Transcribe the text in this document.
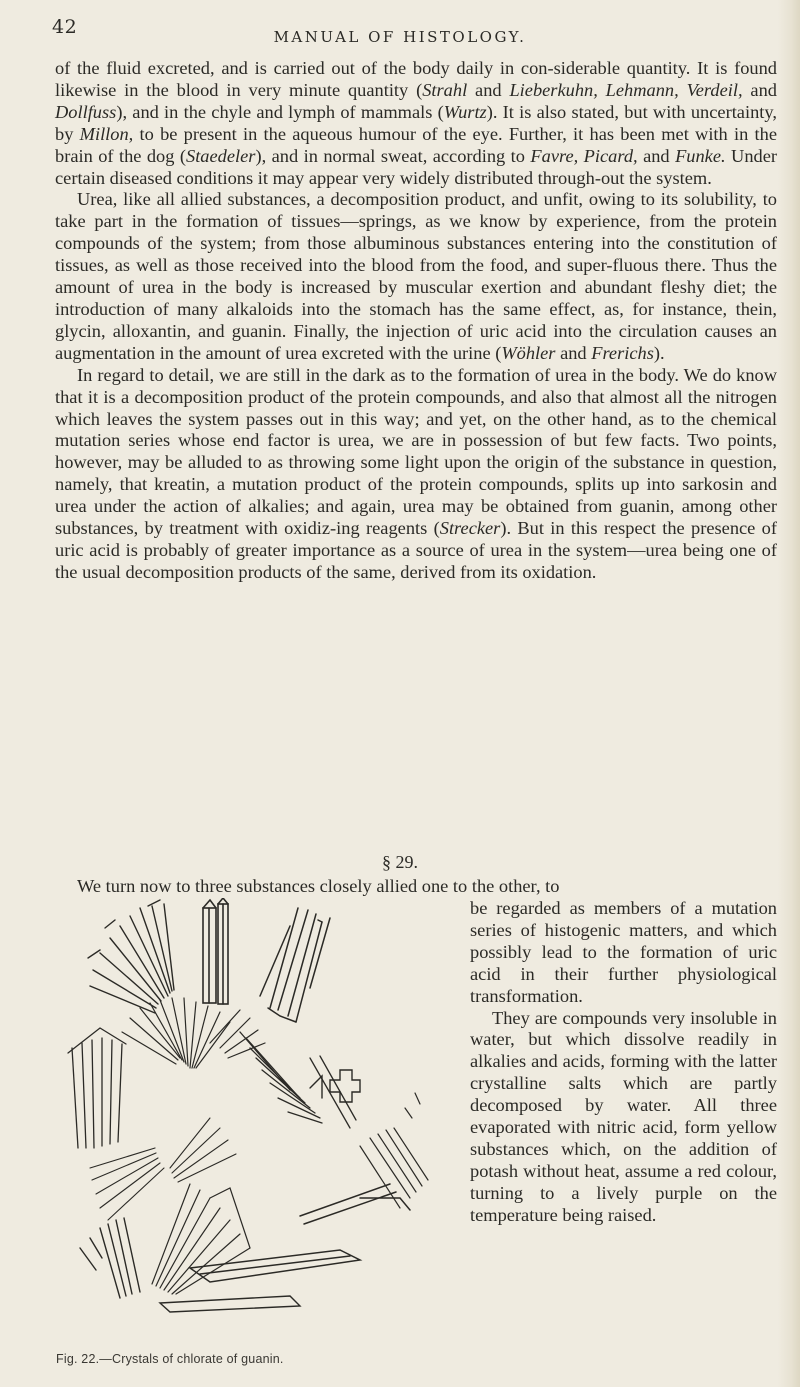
42	MANUAL OF HISTOLOGY.

of the fluid excreted, and is carried out of the body daily in con-siderable quantity. It is found likewise in the blood in very minute quantity (Strahl and Lieberkuhn, Lehmann, Verdeil, and Dollfuss), and in the chyle and lymph of mammals (Wurtz). It is also stated, but with uncertainty, by Millon, to be present in the aqueous humour of the eye. Further, it has been met with in the brain of the dog (Staedeler), and in normal sweat, according to Favre, Picard, and Funke. Under certain diseased conditions it may appear very widely distributed through-out the system.

Urea, like all allied substances, a decomposition product, and unfit, owing to its solubility, to take part in the formation of tissues—springs, as we know by experience, from the protein compounds of the system; from those albuminous substances entering into the constitution of tissues, as well as those received into the blood from the food, and super-fluous there. Thus the amount of urea in the body is increased by muscular exertion and abundant fleshy diet; the introduction of many alkaloids into the stomach has the same effect, as, for instance, thein, glycin, alloxantin, and guanin. Finally, the injection of uric acid into the circulation causes an augmentation in the amount of urea excreted with the urine (Wöhler and Frerichs).

In regard to detail, we are still in the dark as to the formation of urea in the body. We do know that it is a decomposition product of the protein compounds, and also that almost all the nitrogen which leaves the system passes out in this way; and yet, on the other hand, as to the chemical mutation series whose end factor is urea, we are in possession of but few facts. Two points, however, may be alluded to as throwing some light upon the origin of the substance in question, namely, that kreatin, a mutation product of the protein compounds, splits up into sarkosin and urea under the action of alkalies; and again, urea may be obtained from guanin, among other substances, by treatment with oxidiz-ing reagents (Strecker). But in this respect the presence of uric acid is probably of greater importance as a source of urea in the system—urea being one of the usual decomposition products of the same, derived from its oxidation.

§ 29.
We turn now to three substances closely allied one to the other, to

be regarded as members of a mutation series of histogenic matters, and which possibly lead to the formation of uric acid in their further physiological transformation.

They are compounds very insoluble in water, but which dissolve readily in alkalies and acids, forming with the latter crystalline salts which are partly decomposed by water. All three evaporated with nitric acid, form yellow substances which, on the addition of potash without heat, assume a red colour, turning to a lively purple on the temperature being raised.

Fig. 22.—Crystals of chlorate of guanin.
